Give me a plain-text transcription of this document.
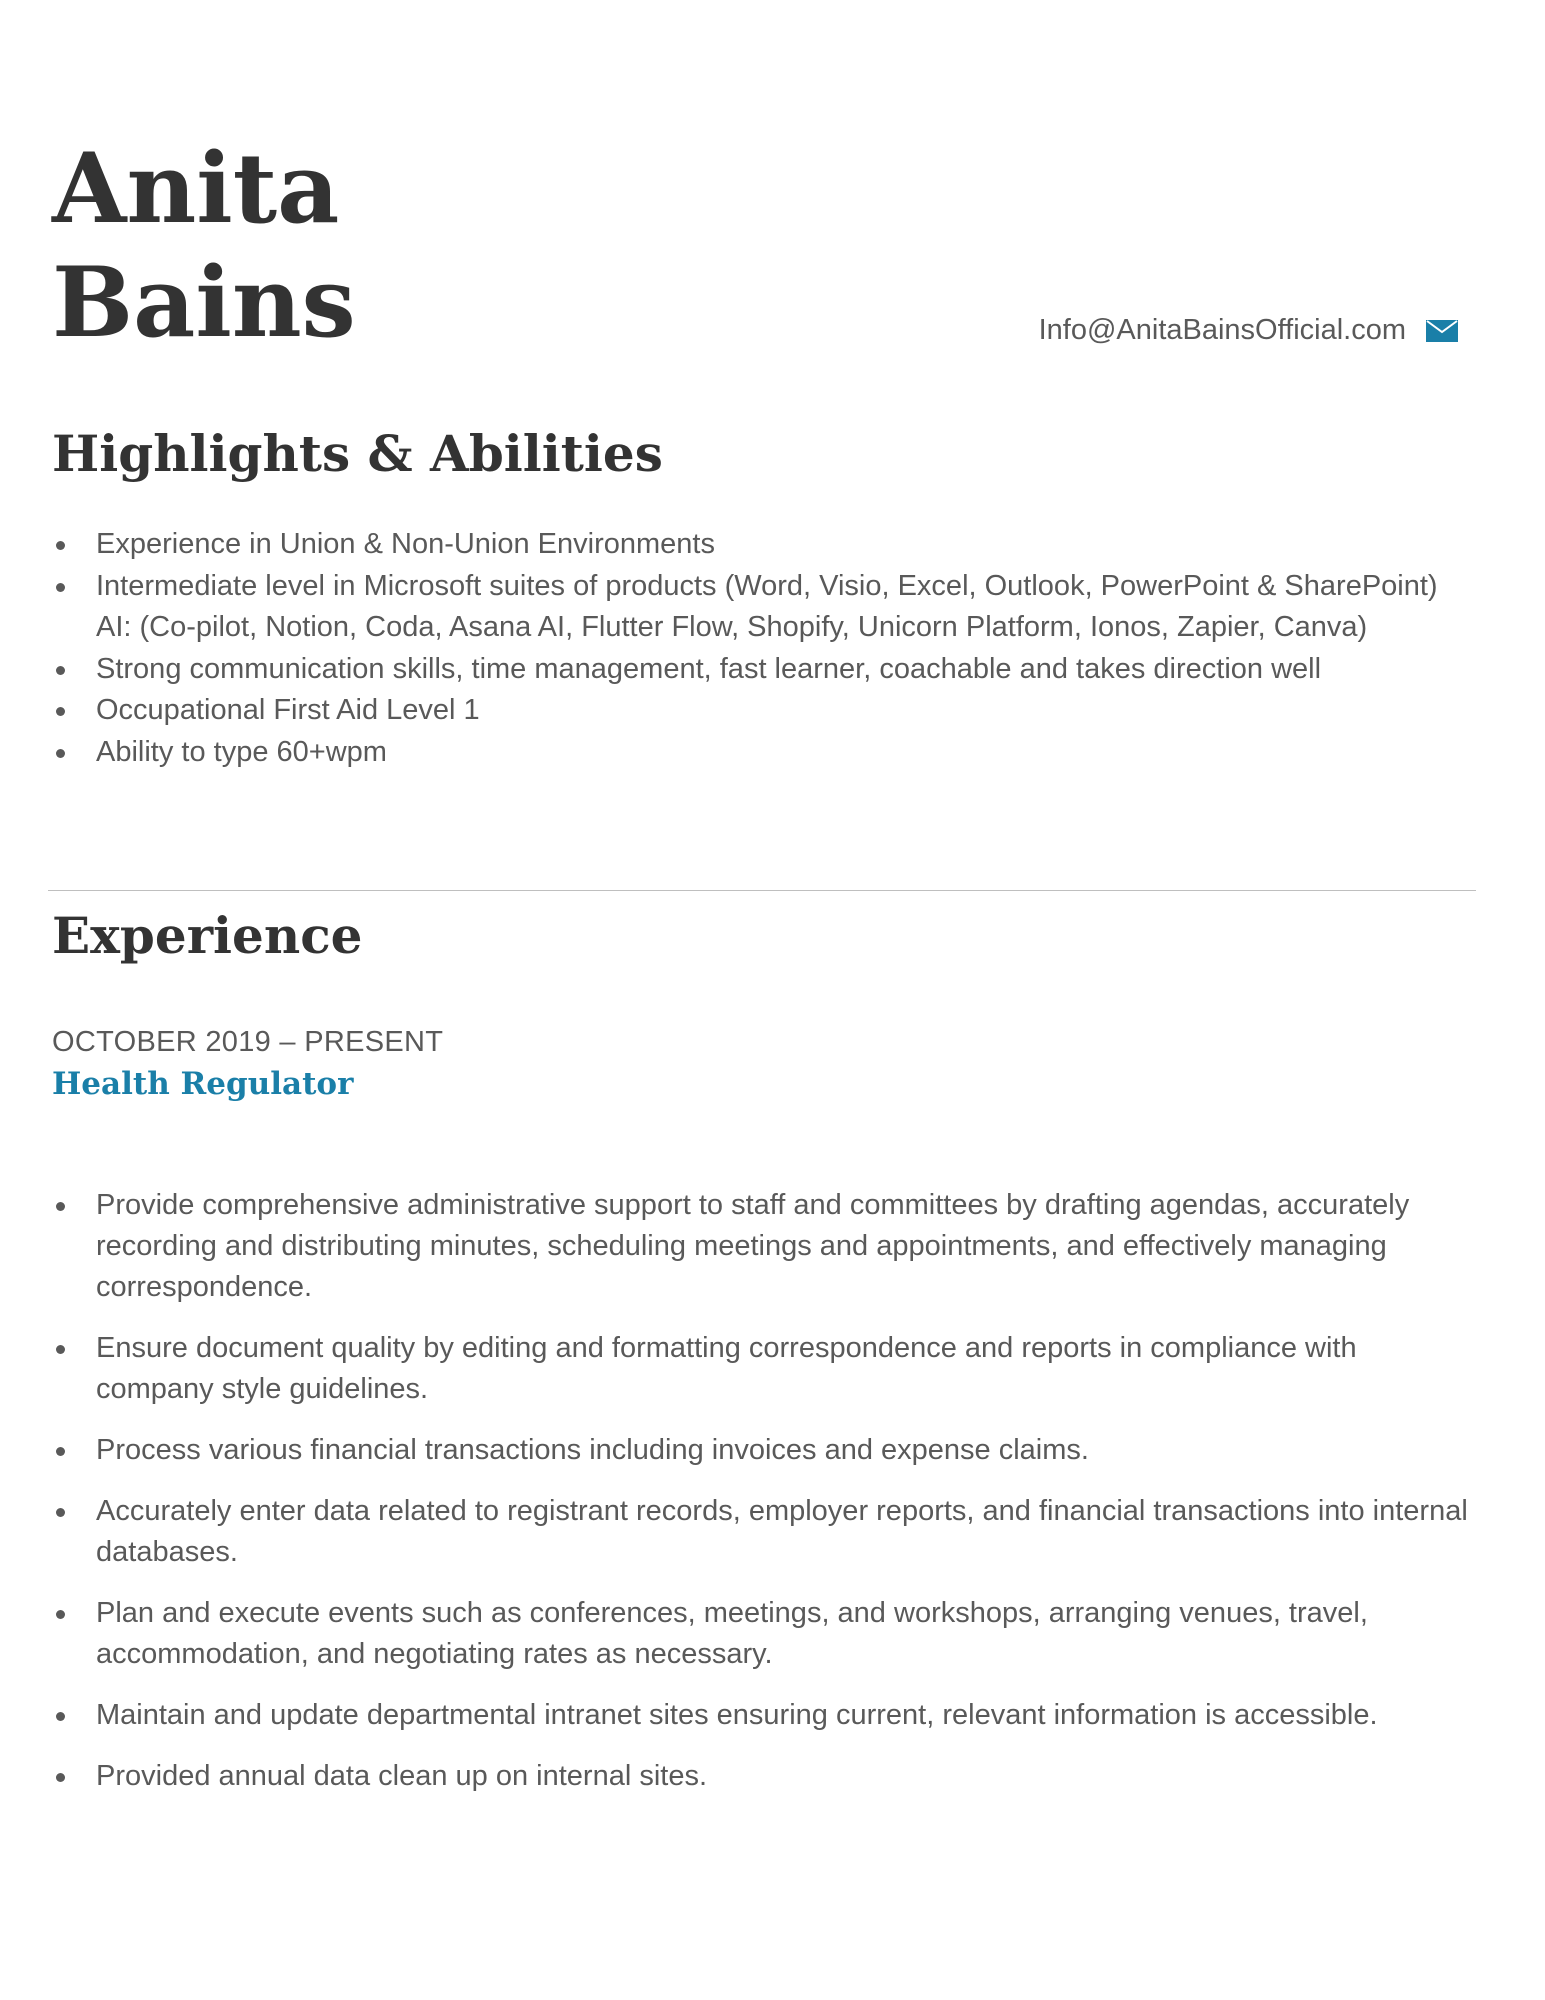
Anita
Bains	Info@AnitaBainsOfficial.com
Highlights & Abilities
Experience in Union & Non-Union Environments
Intermediate level in Microsoft suites of products (Word, Visio, Excel, Outlook, PowerPoint & SharePoint) AI: (Co-pilot, Notion, Coda, Asana AI, Flutter Flow, Shopify, Unicorn Platform, Ionos, Zapier, Canva)
Strong communication skills, time management, fast learner, coachable and takes direction well
Occupational First Aid Level 1
Ability to type 60+wpm
Experience
OCTOBER 2019 – PRESENT
Health Regulator
Provide comprehensive administrative support to staff and committees by drafting agendas, accurately recording and distributing minutes, scheduling meetings and appointments, and effectively managing correspondence.
Ensure document quality by editing and formatting correspondence and reports in compliance with company style guidelines.
Process various financial transactions including invoices and expense claims.
Accurately enter data related to registrant records, employer reports, and financial transactions into internal databases.
Plan and execute events such as conferences, meetings, and workshops, arranging venues, travel, accommodation, and negotiating rates as necessary.
Maintain and update departmental intranet sites ensuring current, relevant information is accessible.
Provided annual data clean up on internal sites.
